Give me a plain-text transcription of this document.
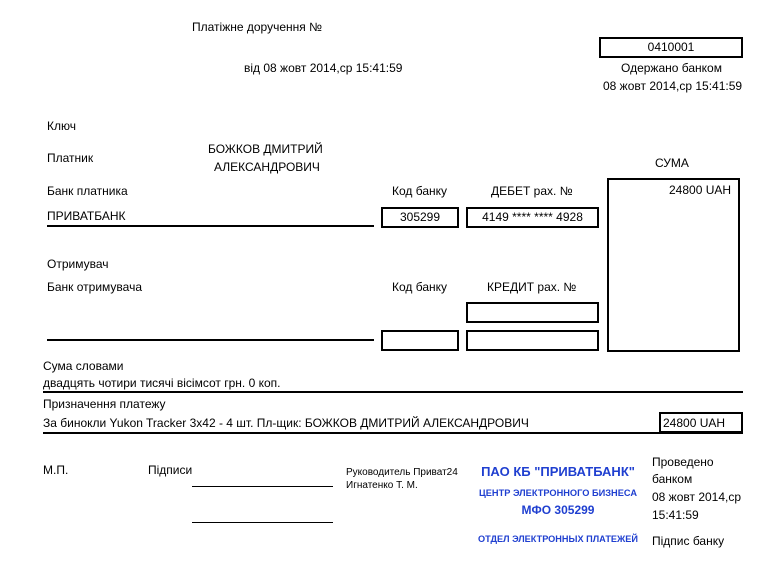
Платіжне доручення №
від 08 жовт 2014,ср 15:41:59
0410001
Одержано банком
08 жовт 2014,ср 15:41:59
Ключ
Платник
БОЖКОВ ДМИТРИЙ
АЛЕКСАНДРОВИЧ	СУМА
Банк платника	Код банку	ДЕБЕТ рах. №	24800 UAH
ПРИВАТБАНК	305299	4149 **** **** 4928
Отримувач
Банк отримувача	Код банку	КРЕДИТ рах. №
Сума словами
двадцять чотири тисячі вісімсот грн. 0 коп.
Призначення платежу
За бинокли Yukon Tracker 3х42 - 4 шт. Пл-щик: БОЖКОВ ДМИТРИЙ АЛЕКСАНДРОВИЧ	24800 UAH
М.П.	Підписи	Руководитель Приват24
Игнатенко Т. М.
ПАО КБ "ПРИВАТБАНК"
ЦЕНТР ЭЛЕКТРОННОГО БИЗНЕСА
МФО 305299
ОТДЕЛ ЭЛЕКТРОННЫХ ПЛАТЕЖЕЙ
Проведено
банком
08 жовт 2014,ср
15:41:59
Підпис банку
